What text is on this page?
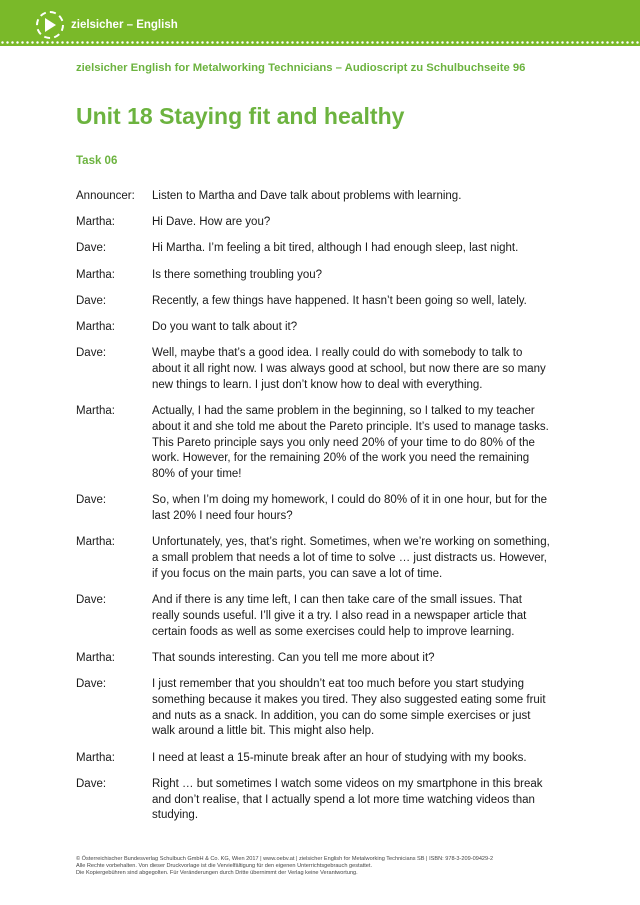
zielsicher – English
zielsicher English for Metalworking Technicians – Audioscript zu Schulbuchseite 96
Unit 18 Staying fit and healthy
Task 06
Announcer:	Listen to Martha and Dave talk about problems with learning.
Martha:	Hi Dave. How are you?
Dave:	Hi Martha. I’m feeling a bit tired, although I had enough sleep, last night.
Martha:	Is there something troubling you?
Dave:	Recently, a few things have happened. It hasn’t been going so well, lately.
Martha:	Do you want to talk about it?
Dave:	Well, maybe that’s a good idea. I really could do with somebody to talk to
about it all right now. I was always good at school, but now there are so many
new things to learn. I just don’t know how to deal with everything.
Martha:	Actually, I had the same problem in the beginning, so I talked to my teacher
about it and she told me about the Pareto principle. It’s used to manage tasks.
This Pareto principle says you only need 20% of your time to do 80% of the
work. However, for the remaining 20% of the work you need the remaining
80% of your time!
Dave:	So, when I’m doing my homework, I could do 80% of it in one hour, but for the
last 20% I need four hours?
Martha:	Unfortunately, yes, that’s right. Sometimes, when we’re working on something,
a small problem that needs a lot of time to solve … just distracts us. However,
if you focus on the main parts, you can save a lot of time.
Dave:	And if there is any time left, I can then take care of the small issues. That
really sounds useful. I’ll give it a try. I also read in a newspaper article that
certain foods as well as some exercises could help to improve learning.
Martha:	That sounds interesting. Can you tell me more about it?
Dave:	I just remember that you shouldn’t eat too much before you start studying
something because it makes you tired. They also suggested eating some fruit
and nuts as a snack. In addition, you can do some simple exercises or just
walk around a little bit. This might also help.
Martha:	I need at least a 15-minute break after an hour of studying with my books.
Dave:	Right … but sometimes I watch some videos on my smartphone in this break
and don’t realise, that I actually spend a lot more time watching videos than
studying.
© Österreichischer Bundesverlag Schulbuch GmbH & Co. KG, Wien 2017 | www.oebv.at | zielsicher English for Metalworking Technicians SB | ISBN: 978-3-209-09429-2
Alle Rechte vorbehalten. Von dieser Druckvorlage ist die Vervielfältigung für den eigenen Unterrichtsgebrauch gestattet.
Die Kopiergebühren sind abgegolten. Für Veränderungen durch Dritte übernimmt der Verlag keine Verantwortung.
